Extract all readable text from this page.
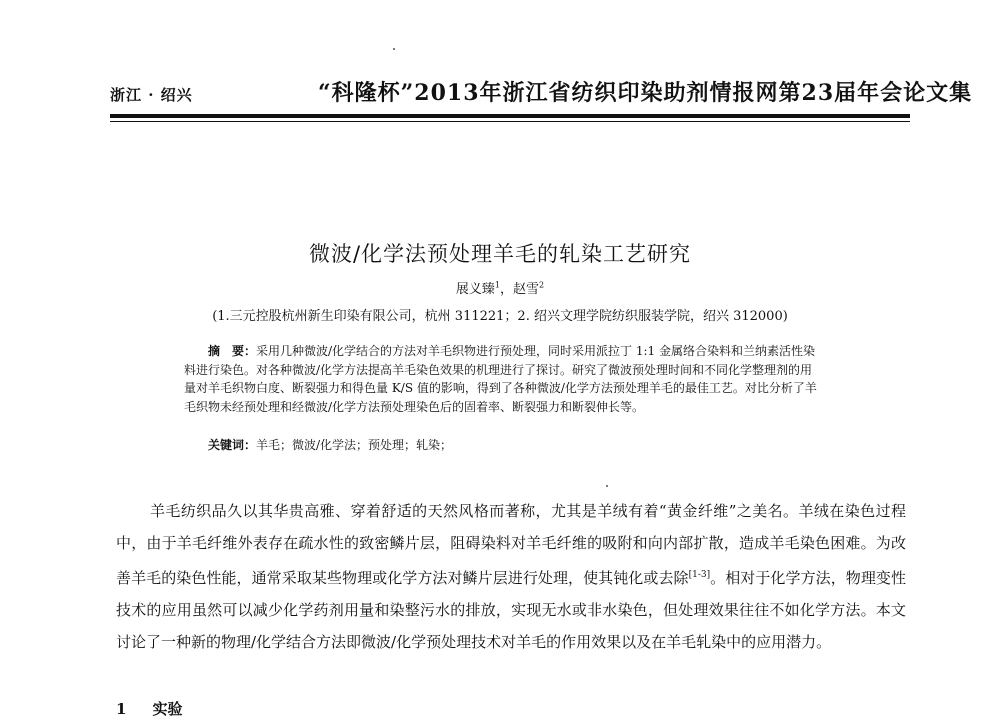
浙江 · 绍兴	“科隆杯”2013年浙江省纺织印染助剂情报网第23届年会论文集
微波/化学法预处理羊毛的轧染工艺研究
展义臻$^1$，赵雪$^2$
(1.三元控股杭州新生印染有限公司，杭州 311221；2. 绍兴文理学院纺织服装学院，绍兴 312000)
摘　要：采用几种微波/化学结合的方法对羊毛织物进行预处理，同时采用派拉丁 1:1 金属络合染料和兰纳素活性染料进行染色。对各种微波/化学方法提高羊毛染色效果的机理进行了探讨。研究了微波预处理时间和不同化学整理剂的用量对羊毛织物白度、断裂强力和得色量 K/S 值的影响，得到了各种微波/化学方法预处理羊毛的最佳工艺。对比分析了羊毛织物未经预处理和经微波/化学方法预处理染色后的固着率、断裂强力和断裂伸长等。
关键词：羊毛；微波/化学法；预处理；轧染；
羊毛纺织品久以其华贵高雅、穿着舒适的天然风格而著称，尤其是羊绒有着“黄金纤维”之美名。羊绒在染色过程中，由于羊毛纤维外表存在疏水性的致密鳞片层，阻碍染料对羊毛纤维的吸附和向内部扩散，造成羊毛染色困难。为改善羊毛的染色性能，通常采取某些物理或化学方法对鳞片层进行处理，使其钝化或去除[1-3]。相对于化学方法，物理变性技术的应用虽然可以减少化学药剂用量和染整污水的排放，实现无水或非水染色，但处理效果往往不如化学方法。本文讨论了一种新的物理/化学结合方法即微波/化学预处理技术对羊毛的作用效果以及在羊毛轧染中的应用潜力。
1 实验
